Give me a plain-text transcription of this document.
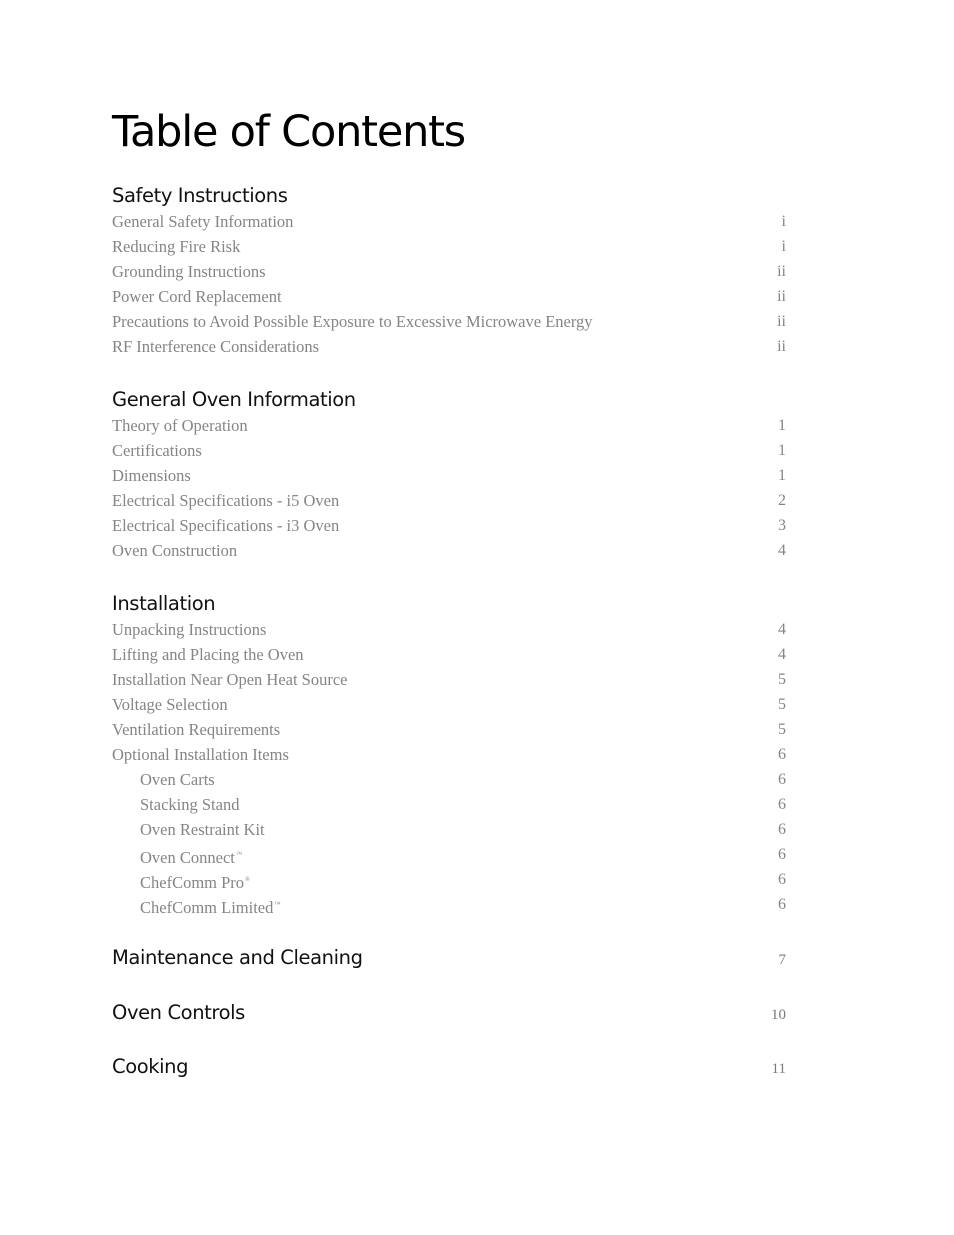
Table of Contents
Safety Instructions
General Safety Information	i
Reducing Fire Risk	i
Grounding Instructions	ii
Power Cord Replacement	ii
Precautions to Avoid Possible Exposure to Excessive Microwave Energy	ii
RF Interference Considerations	ii
General Oven Information
Theory of Operation	1
Certifications	1
Dimensions	1
Electrical Specifications - i5 Oven	2
Electrical Specifications - i3 Oven	3
Oven Construction	4
Installation
Unpacking Instructions	4
Lifting and Placing the Oven	4
Installation Near Open Heat Source	5
Voltage Selection	5
Ventilation Requirements	5
Optional Installation Items	6
Oven Carts	6
Stacking Stand	6
Oven Restraint Kit	6
Oven Connect™	6
ChefComm Pro®	6
ChefComm Limited™	6
Maintenance and Cleaning	7
Oven Controls	10
Cooking	11
